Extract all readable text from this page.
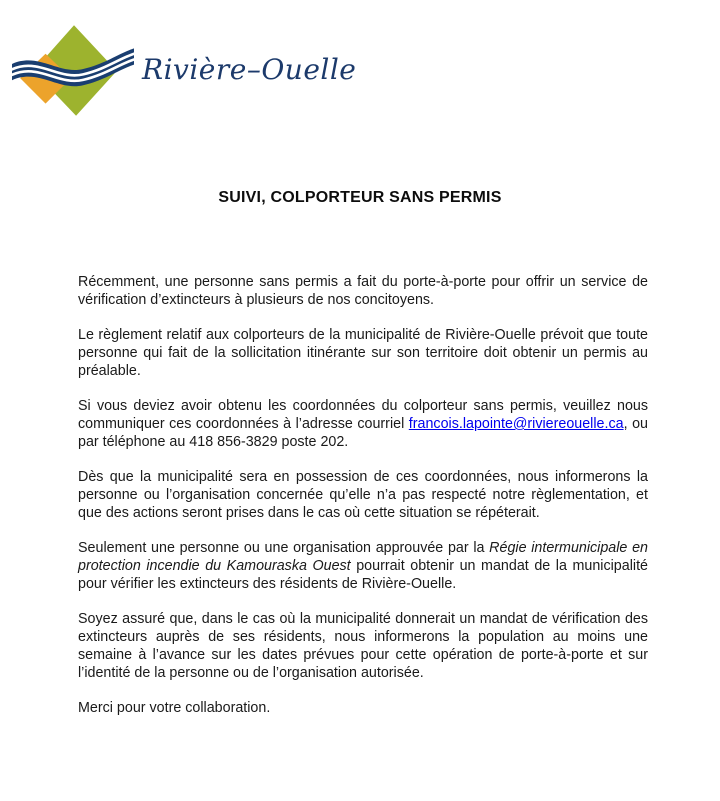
Rivière–Ouelle
SUIVI, COLPORTEUR SANS PERMIS

Récemment, une personne sans permis a fait du porte-à-porte pour offrir un service de vérification d’extincteurs à plusieurs de nos concitoyens.

Le règlement relatif aux colporteurs de la municipalité de Rivière-Ouelle prévoit que toute personne qui fait de la sollicitation itinérante sur son territoire doit obtenir un permis au préalable.

Si vous deviez avoir obtenu les coordonnées du colporteur sans permis, veuillez nous communiquer ces coordonnées à l’adresse courriel francois.lapointe@riviereouelle.ca, ou par téléphone au 418 856-3829 poste 202.

Dès que la municipalité sera en possession de ces coordonnées, nous informerons la personne ou l’organisation concernée qu’elle n’a pas respecté notre règlementation, et que des actions seront prises dans le cas où cette situation se répéterait.

Seulement une personne ou une organisation approuvée par la Régie intermunicipale en protection incendie du Kamouraska Ouest pourrait obtenir un mandat de la municipalité pour vérifier les extincteurs des résidents de Rivière-Ouelle.

Soyez assuré que, dans le cas où la municipalité donnerait un mandat de vérification des extincteurs auprès de ses résidents, nous informerons la population au moins une semaine à l’avance sur les dates prévues pour cette opération de porte-à-porte et sur l’identité de la personne ou de l’organisation autorisée.

Merci pour votre collaboration.
